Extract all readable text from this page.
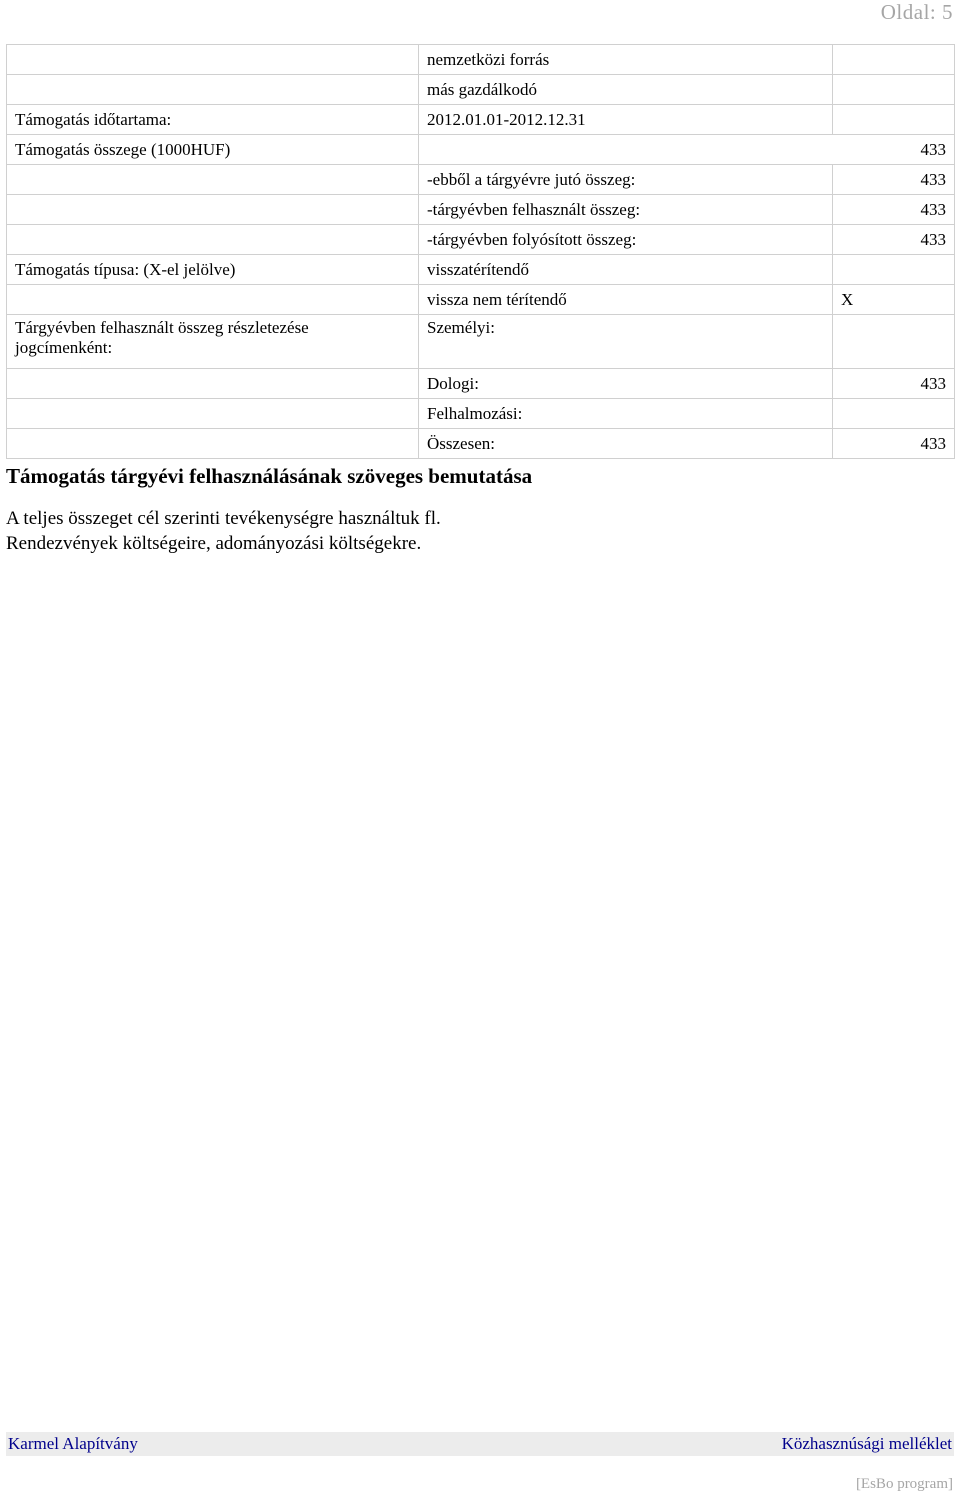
Oldal: 5
	nemzetközi forrás	
	más gazdálkodó	
Támogatás időtartama:	2012.01.01-2012.12.31	
Támogatás összege (1000HUF)	433	
	-ebből a tárgyévre jutó összeg:	433
	-tárgyévben felhasznált összeg:	433
	-tárgyévben folyósított összeg:	433
Támogatás típusa: (X-el jelölve)	visszatérítendő	
	vissza nem térítendő	X
Tárgyévben felhasznált összeg részletezése jogcímenként:	Személyi:	
	Dologi:	433
	Felhalmozási:	
	Összesen:	433
Támogatás tárgyévi felhasználásának szöveges bemutatása
A teljes összeget cél szerinti tevékenységre használtuk fl.
Rendezvények költségeire, adományozási költségekre.
Karmel Alapítvány	Közhasznúsági melléklet
[EsBo program]
